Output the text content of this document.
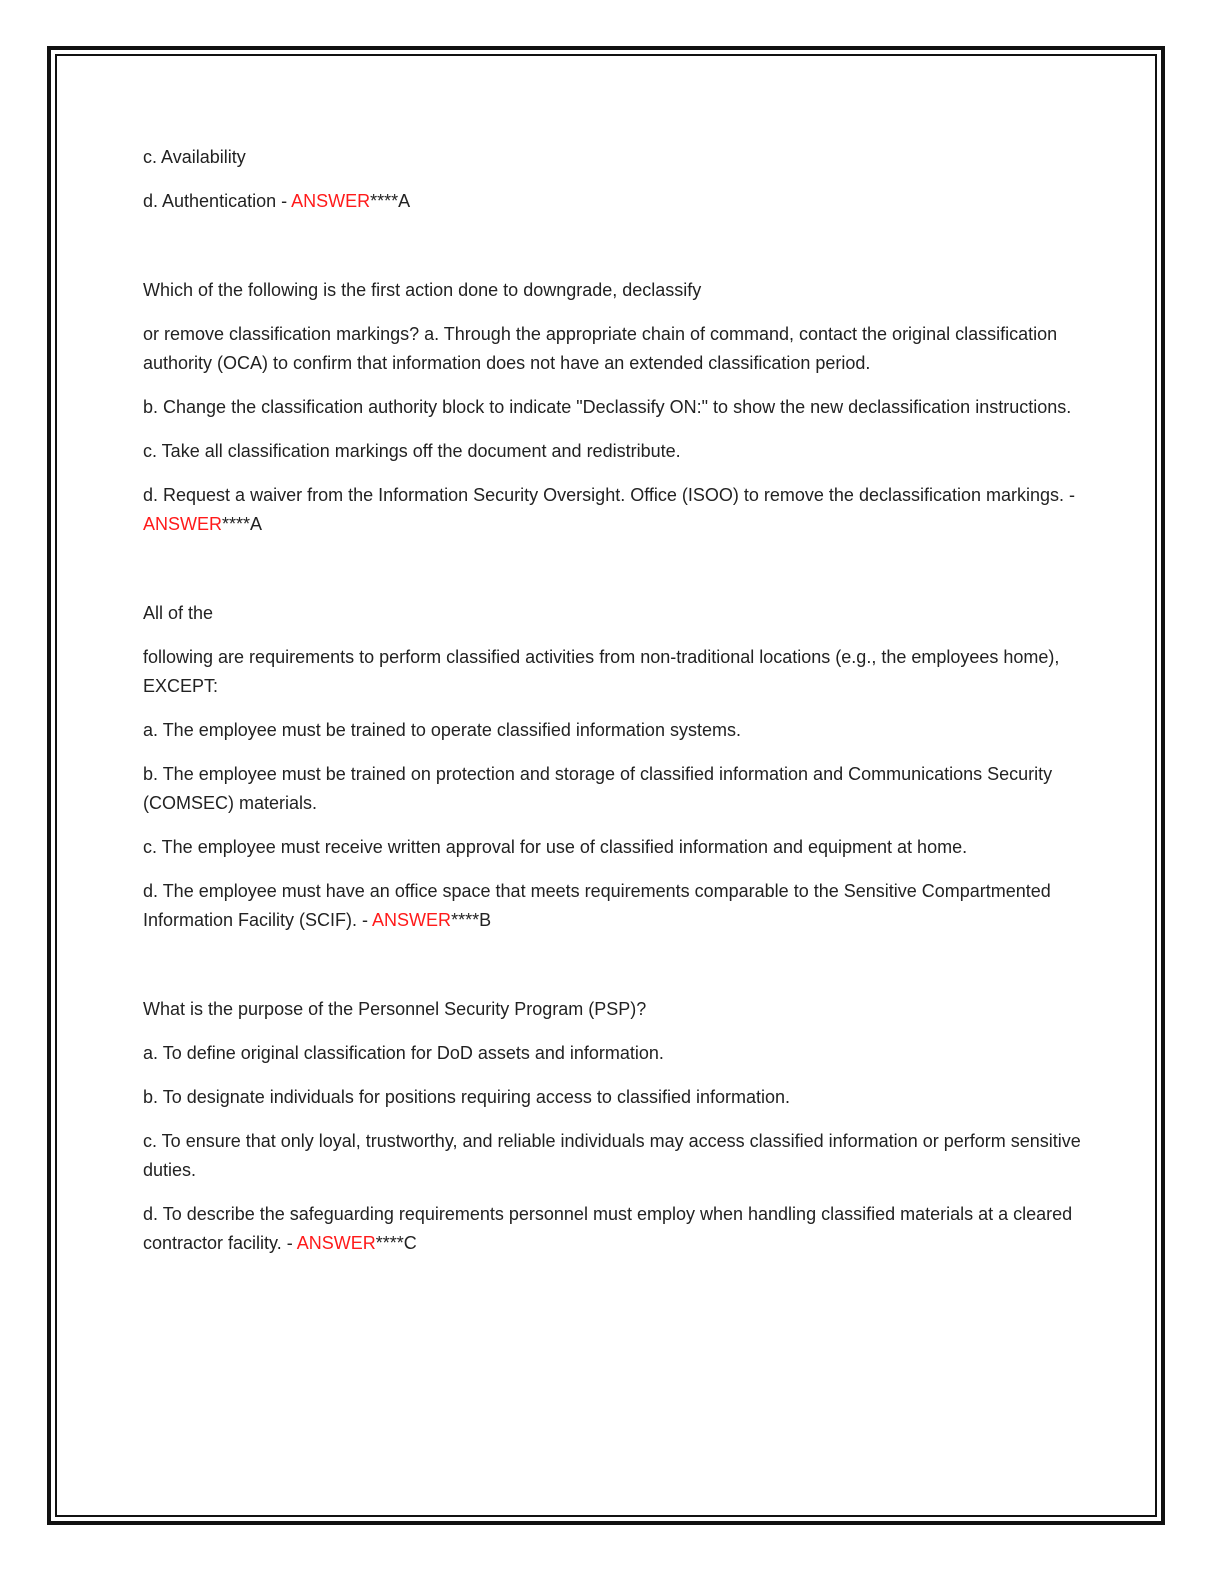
c. Availability

d. Authentication - ANSWER****A

Which of the following is the first action done to downgrade, declassify

or remove classification markings? a. Through the appropriate chain of command, contact the original classification authority (OCA) to confirm that information does not have an extended classification period.

b. Change the classification authority block to indicate "Declassify ON:" to show the new declassification instructions.

c. Take all classification markings off the document and redistribute.

d. Request a waiver from the Information Security Oversight. Office (ISOO) to remove the declassification markings. - ANSWER****A

All of the

following are requirements to perform classified activities from non-traditional locations (e.g., the employees home), EXCEPT:

a. The employee must be trained to operate classified information systems.

b. The employee must be trained on protection and storage of classified information and Communications Security (COMSEC) materials.

c. The employee must receive written approval for use of classified information and equipment at home.

d. The employee must have an office space that meets requirements comparable to the Sensitive Compartmented Information Facility (SCIF). - ANSWER****B

What is the purpose of the Personnel Security Program (PSP)?

a. To define original classification for DoD assets and information.

b. To designate individuals for positions requiring access to classified information.

c. To ensure that only loyal, trustworthy, and reliable individuals may access classified information or perform sensitive duties.

d. To describe the safeguarding requirements personnel must employ when handling classified materials at a cleared contractor facility. - ANSWER****C
